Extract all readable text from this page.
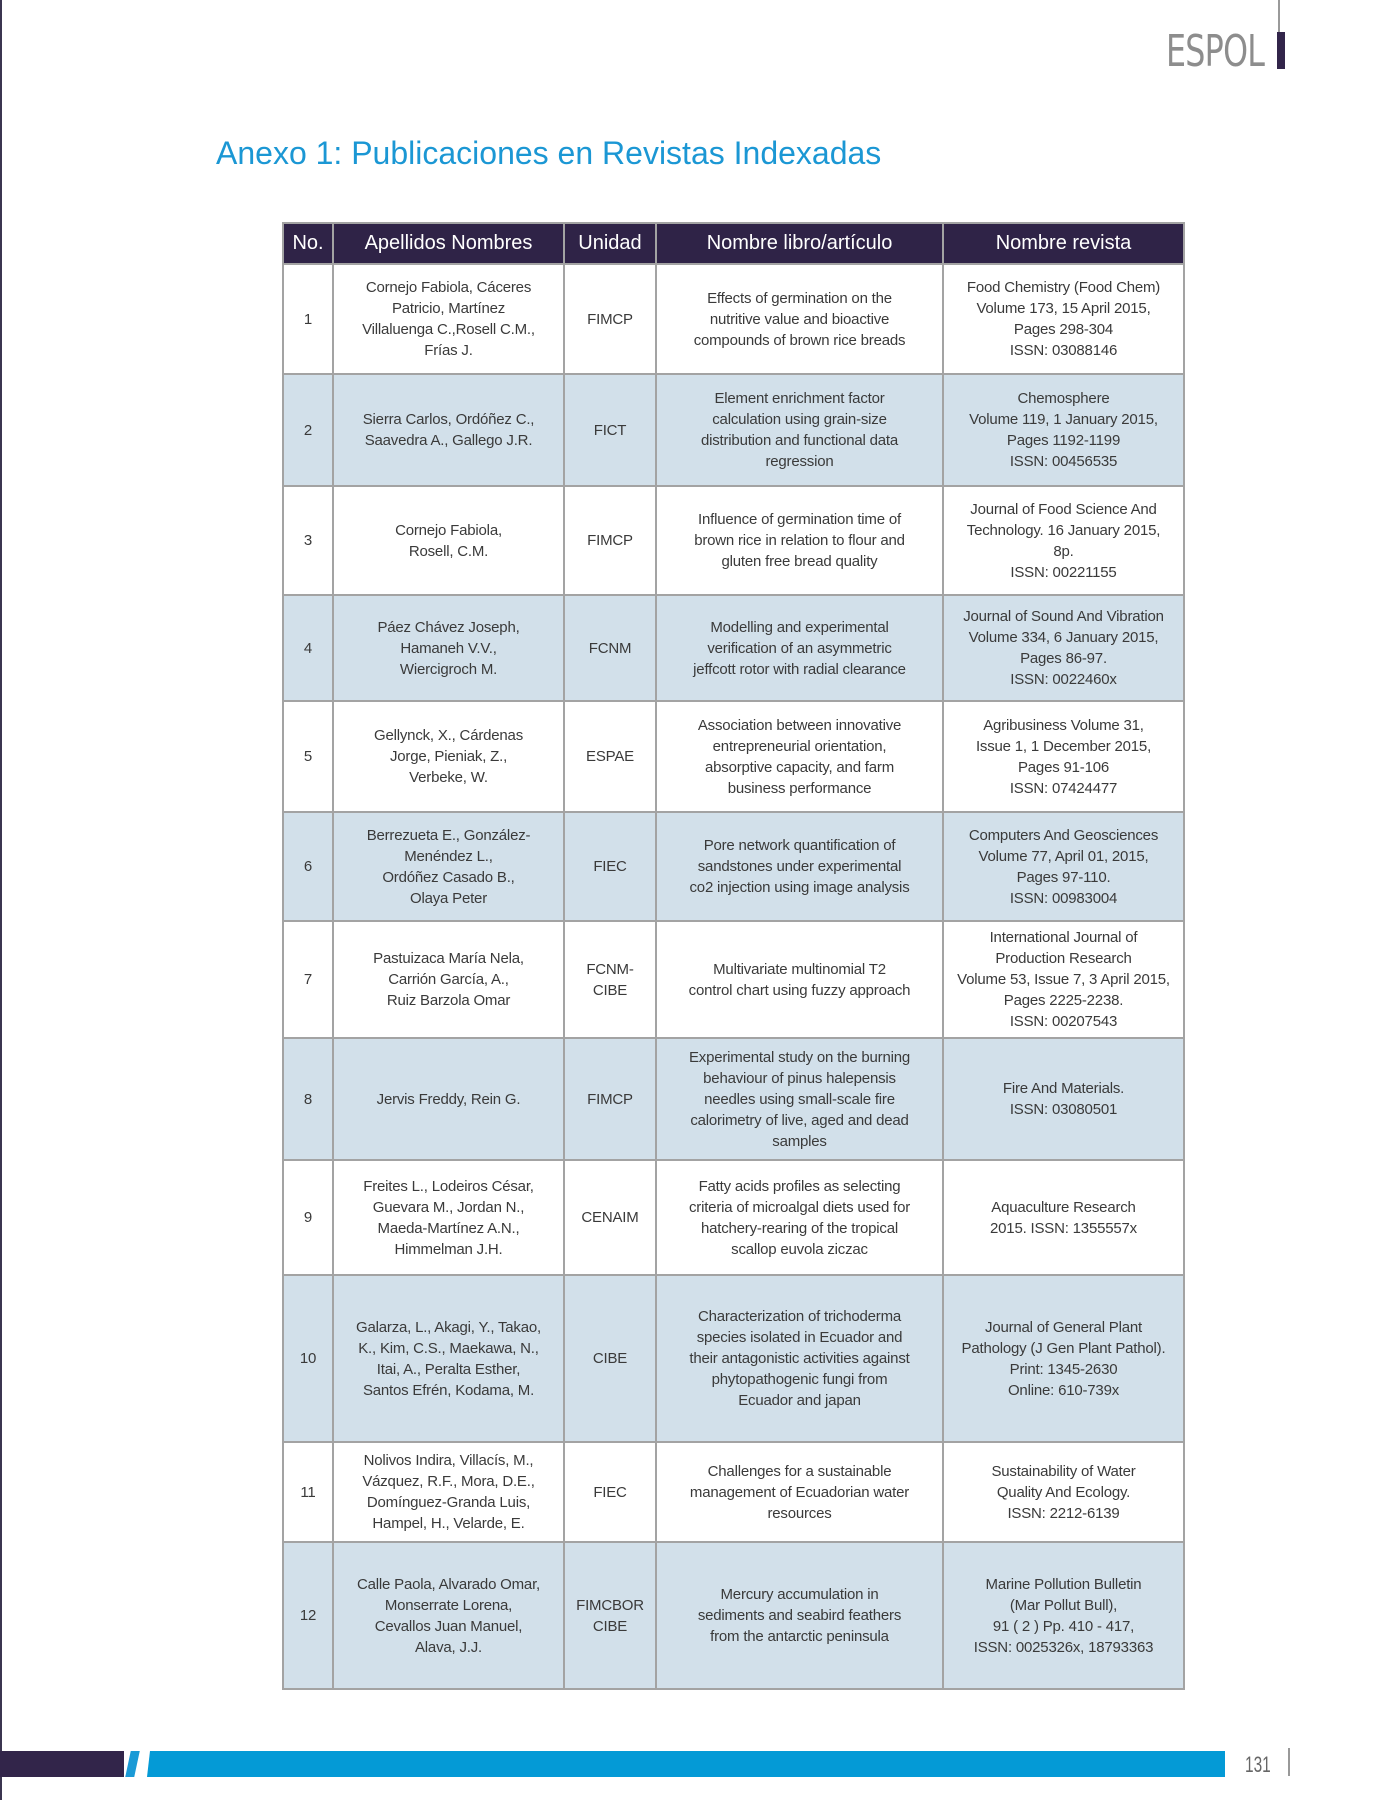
ESPOL
Anexo 1: Publicaciones en Revistas Indexadas
No.	Apellidos Nombres	Unidad	Nombre libro/artículo	Nombre revista
1	Cornejo Fabiola, Cáceres
Patricio, Martínez
Villaluenga C.,Rosell C.M.,
Frías J.	FIMCP	Effects of germination on the
nutritive value and bioactive
compounds of brown rice breads	Food Chemistry (Food Chem)
Volume 173, 15 April 2015,
Pages 298-304
ISSN: 03088146
2	Sierra Carlos, Ordóñez C.,
Saavedra A., Gallego J.R.	FICT	Element enrichment factor
calculation using grain-size
distribution and functional data
regression	Chemosphere
Volume 119, 1 January 2015,
Pages 1192-1199
ISSN: 00456535
3	Cornejo Fabiola,
Rosell, C.M.	FIMCP	Influence of germination time of
brown rice in relation to flour and
gluten free bread quality	Journal of Food Science And
Technology. 16 January 2015,
8p.
ISSN: 00221155
4	Páez Chávez Joseph,
Hamaneh V.V.,
Wiercigroch M.	FCNM	Modelling and experimental
verification of an asymmetric
jeffcott rotor with radial clearance	Journal of Sound And Vibration
Volume 334, 6 January 2015,
Pages 86-97.
ISSN: 0022460x
5	Gellynck, X., Cárdenas
Jorge, Pieniak, Z.,
Verbeke, W.	ESPAE	Association between innovative
entrepreneurial orientation,
absorptive capacity, and farm
business performance	Agribusiness Volume 31,
Issue 1, 1 December 2015,
Pages 91-106
ISSN: 07424477
6	Berrezueta E., González-
Menéndez L.,
Ordóñez Casado B.,
Olaya Peter	FIEC	Pore network quantification of
sandstones under experimental
co2 injection using image analysis	Computers And Geosciences
Volume 77, April 01, 2015,
Pages 97-110.
ISSN: 00983004
7	Pastuizaca María Nela,
Carrión García, A.,
Ruiz Barzola Omar	FCNM-
CIBE	Multivariate multinomial T2
control chart using fuzzy approach	International Journal of
Production Research
Volume 53, Issue 7, 3 April 2015,
Pages 2225-2238.
ISSN: 00207543
8	Jervis Freddy, Rein G.	FIMCP	Experimental study on the burning
behaviour of pinus halepensis
needles using small-scale fire
calorimetry of live, aged and dead
samples	Fire And Materials.
ISSN: 03080501
9	Freites L., Lodeiros César,
Guevara M., Jordan N.,
Maeda-Martínez A.N.,
Himmelman J.H.	CENAIM	Fatty acids profiles as selecting
criteria of microalgal diets used for
hatchery-rearing of the tropical
scallop euvola ziczac	Aquaculture Research
2015. ISSN: 1355557x
10	Galarza, L., Akagi, Y., Takao,
K., Kim, C.S., Maekawa, N.,
Itai, A., Peralta Esther,
Santos Efrén, Kodama, M.	CIBE	Characterization of trichoderma
species isolated in Ecuador and
their antagonistic activities against
phytopathogenic fungi from
Ecuador and japan	Journal of General Plant
Pathology (J Gen Plant Pathol).
Print: 1345-2630
Online: 610-739x
11	Nolivos Indira, Villacís, M.,
Vázquez, R.F., Mora, D.E.,
Domínguez-Granda Luis,
Hampel, H., Velarde, E.	FIEC	Challenges for a sustainable
management of Ecuadorian water
resources	Sustainability of Water
Quality And Ecology.
ISSN: 2212-6139
12	Calle Paola, Alvarado Omar,
Monserrate Lorena,
Cevallos Juan Manuel,
Alava, J.J.	FIMCBOR
CIBE	Mercury accumulation in
sediments and seabird feathers
from the antarctic peninsula	Marine Pollution Bulletin
(Mar Pollut Bull),
91 ( 2 ) Pp. 410 - 417,
ISSN: 0025326x, 18793363
131
